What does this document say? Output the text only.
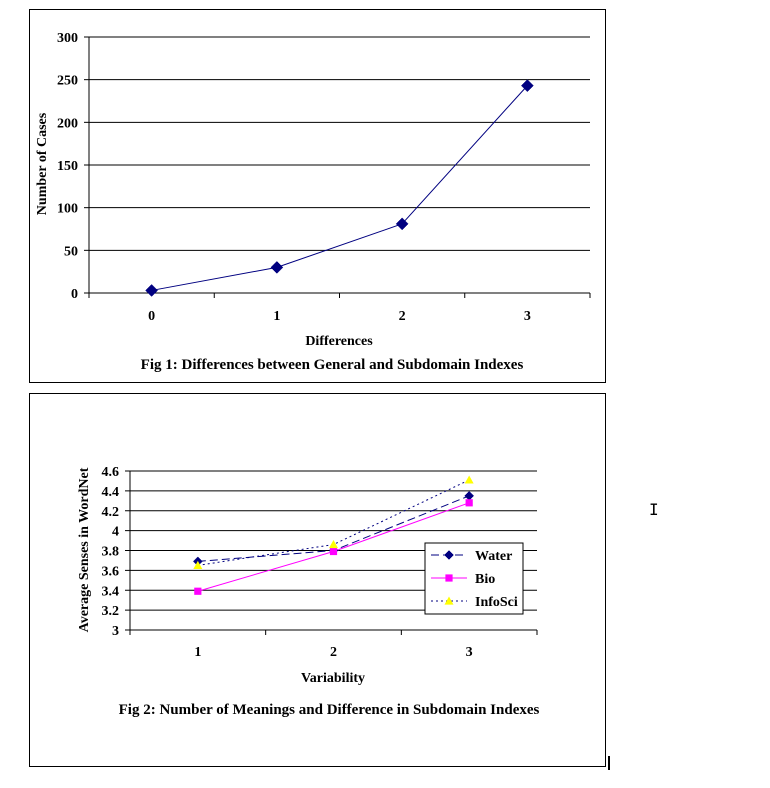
Number of Cases
Differences
Fig 1: Differences between General and Subdomain Indexes
Average Senses in WordNet
Variability
Fig 2: Number of Meanings and Difference in Subdomain Indexes
0
50
100
150
200
250
300
0	1	2	3
3
3.2
3.4
3.6
3.8
4
4.2
4.4
4.6
1	2	3
Water
Bio
InfoSci
I
